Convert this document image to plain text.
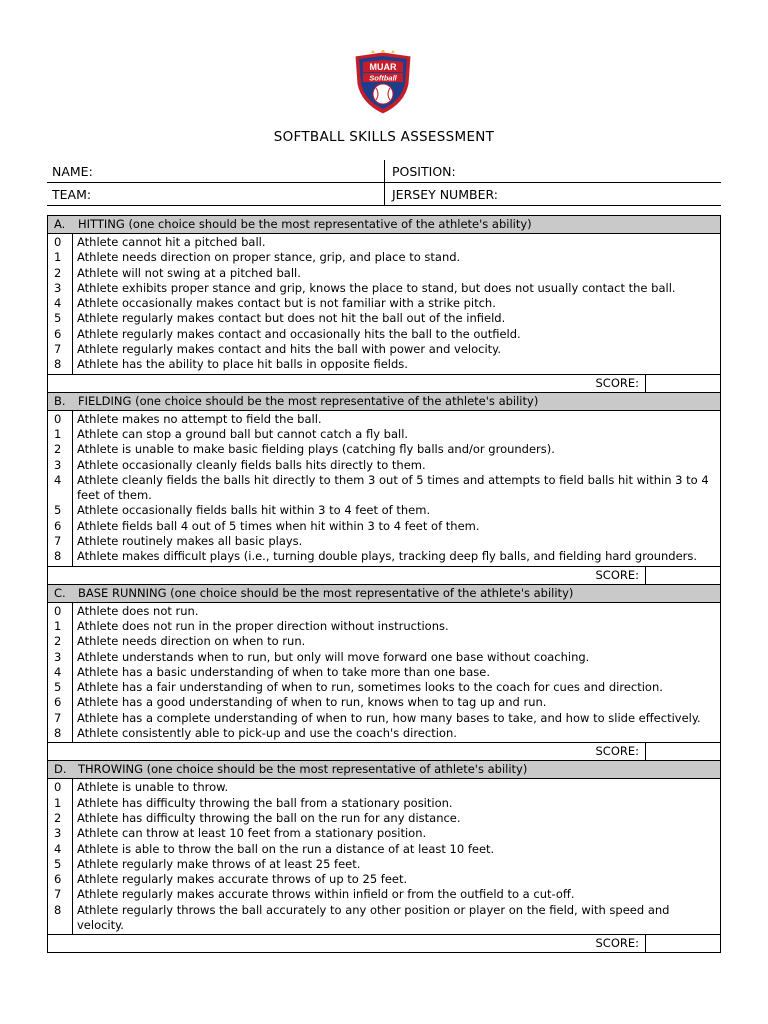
MUAR
Softball
SOFTBALL SKILLS ASSESSMENT
NAME:	POSITION:
TEAM:	JERSEY NUMBER:
A. HITTING (one choice should be the most representative of the athlete's ability)
0	Athlete cannot hit a pitched ball.
1	Athlete needs direction on proper stance, grip, and place to stand.
2	Athlete will not swing at a pitched ball.
3	Athlete exhibits proper stance and grip, knows the place to stand, but does not usually contact the ball.
4	Athlete occasionally makes contact but is not familiar with a strike pitch.
5	Athlete regularly makes contact but does not hit the ball out of the infield.
6	Athlete regularly makes contact and occasionally hits the ball to the outfield.
7	Athlete regularly makes contact and hits the ball with power and velocity.
8	Athlete has the ability to place hit balls in opposite fields.
SCORE:
B. FIELDING (one choice should be the most representative of the athlete's ability)
0	Athlete makes no attempt to field the ball.
1	Athlete can stop a ground ball but cannot catch a fly ball.
2	Athlete is unable to make basic fielding plays (catching fly balls and/or grounders).
3	Athlete occasionally cleanly fields balls hits directly to them.
4	Athlete cleanly fields the balls hit directly to them 3 out of 5 times and attempts to field balls hit within 3 to 4 feet of them.
5	Athlete occasionally fields balls hit within 3 to 4 feet of them.
6	Athlete fields ball 4 out of 5 times when hit within 3 to 4 feet of them.
7	Athlete routinely makes all basic plays.
8	Athlete makes difficult plays (i.e., turning double plays, tracking deep fly balls, and fielding hard grounders.
SCORE:
C. BASE RUNNING (one choice should be the most representative of the athlete's ability)
0	Athlete does not run.
1	Athlete does not run in the proper direction without instructions.
2	Athlete needs direction on when to run.
3	Athlete understands when to run, but only will move forward one base without coaching.
4	Athlete has a basic understanding of when to take more than one base.
5	Athlete has a fair understanding of when to run, sometimes looks to the coach for cues and direction.
6	Athlete has a good understanding of when to run, knows when to tag up and run.
7	Athlete has a complete understanding of when to run, how many bases to take, and how to slide effectively.
8	Athlete consistently able to pick-up and use the coach's direction.
SCORE:
D. THROWING (one choice should be the most representative of athlete's ability)
0	Athlete is unable to throw.
1	Athlete has difficulty throwing the ball from a stationary position.
2	Athlete has difficulty throwing the ball on the run for any distance.
3	Athlete can throw at least 10 feet from a stationary position.
4	Athlete is able to throw the ball on the run a distance of at least 10 feet.
5	Athlete regularly make throws of at least 25 feet.
6	Athlete regularly makes accurate throws of up to 25 feet.
7	Athlete regularly makes accurate throws within infield or from the outfield to a cut-off.
8	Athlete regularly throws the ball accurately to any other position or player on the field, with speed and velocity.
SCORE:
